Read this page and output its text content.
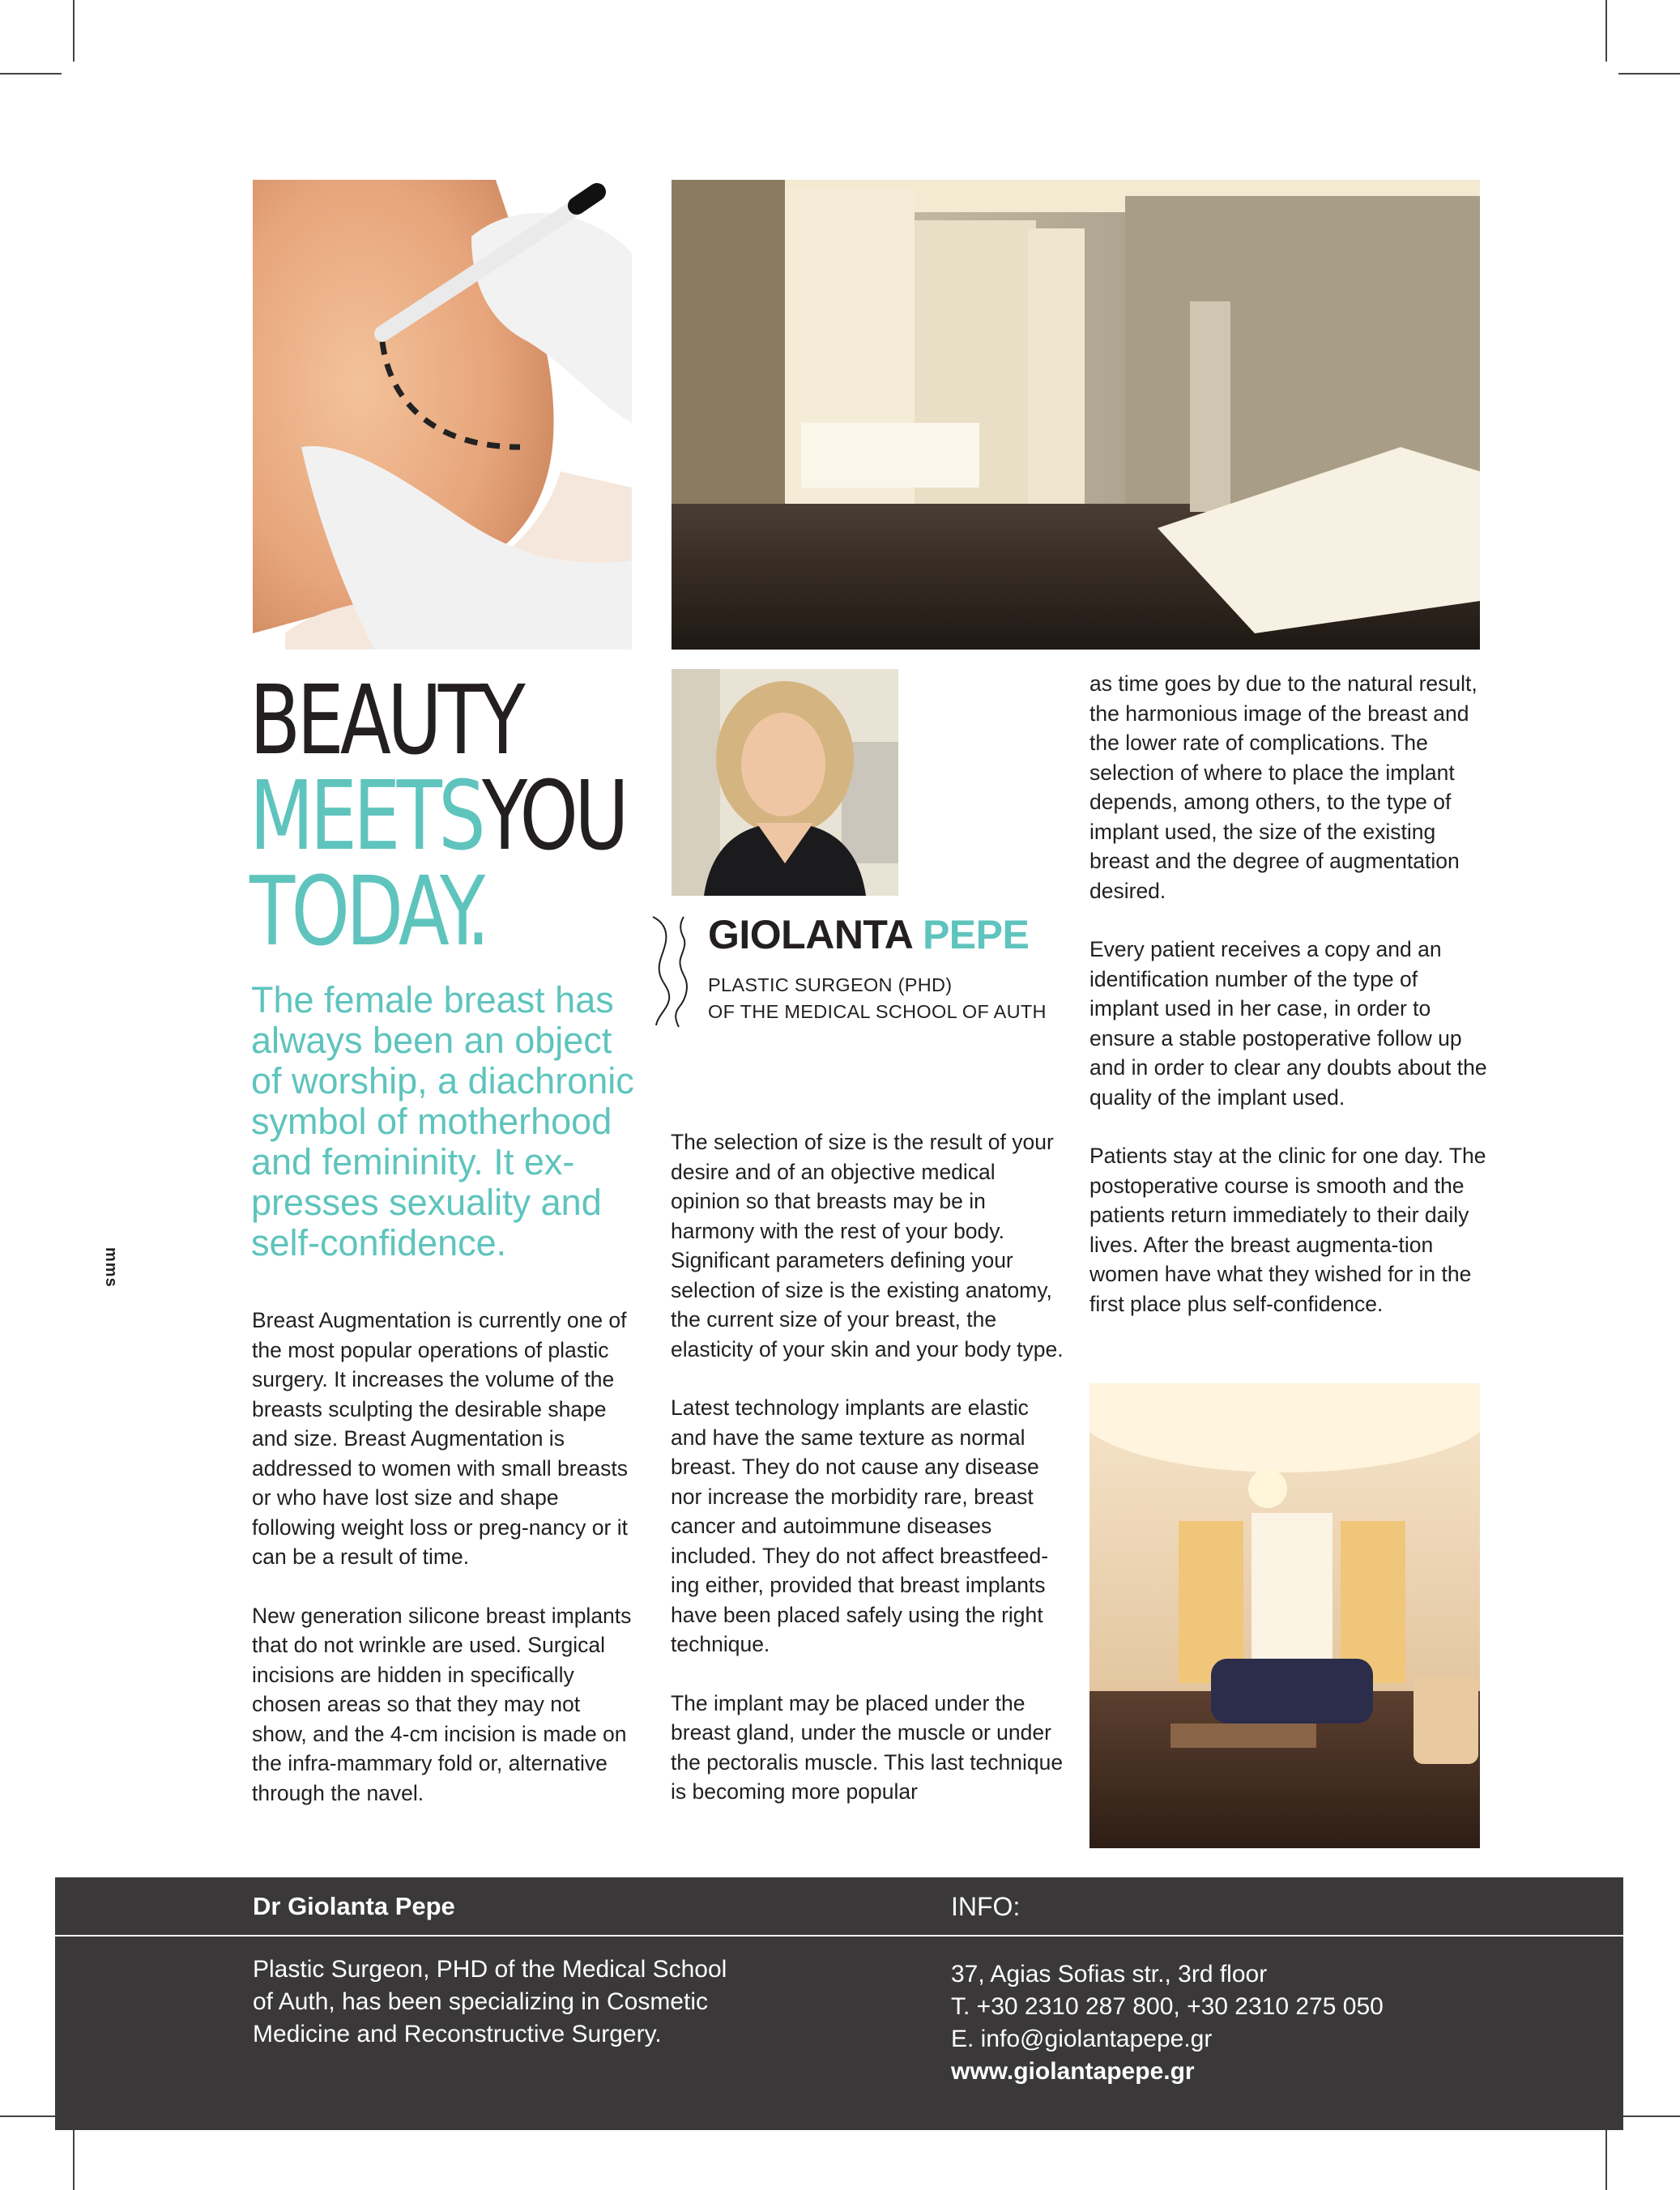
BEAUTY
MEETSYOU
TODAY.
The female breast has always been an object of worship, a diachronic symbol of motherhood and femininity. It ex-presses sexuality and self-confidence.
mms

Breast Augmentation is currently one of the most popular operations of plastic surgery. It increases the volume of the breasts sculpting the desirable shape and size. Breast Augmentation is addressed to women with small breasts or who have lost size and shape following weight loss or preg-nancy or it can be a result of time.

New generation silicone breast implants that do not wrinkle are used. Surgical incisions are hidden in specifically chosen areas so that they may not show, and the 4-cm incision is made on the infra-mammary fold or, alternative through the navel.

GIOLANTA PEPE
PLASTIC SURGEON (PHD)
OF THE MEDICAL SCHOOL OF AUTH

The selection of size is the result of your desire and of an objective medical opinion so that breasts may be in harmony with the rest of your body. Significant parameters defining your selection of size is the existing anatomy, the current size of your breast, the elasticity of your skin and your body type.

Latest technology implants are elastic and have the same texture as normal breast. They do not cause any disease nor increase the morbidity rare, breast cancer and autoimmune diseases included. They do not affect breastfeed-ing either, provided that breast implants have been placed safely using the right technique.

The implant may be placed under the breast gland, under the muscle or under the pectoralis muscle. This last technique is becoming more popular

as time goes by due to the natural result, the harmonious image of the breast and the lower rate of complications. The selection of where to place the implant depends, among others, to the type of implant used, the size of the existing breast and the degree of augmentation desired.

Every patient receives a copy and an identification number of the type of implant used in her case, in order to ensure a stable postoperative follow up and in order to clear any doubts about the quality of the implant used.

Patients stay at the clinic for one day. The postoperative course is smooth and the patients return immediately to their daily lives. After the breast augmenta-tion women have what they wished for in the first place plus self-confidence.

Dr Giolanta Pepe	INFO:
Plastic Surgeon, PHD of the Medical School of Auth, has been specializing in Cosmetic Medicine and Reconstructive Surgery.
37, Agias Sofias str., 3rd floor
T. +30 2310 287 800, +30 2310 275 050
E. info@giolantapepe.gr
www.giolantapepe.gr
